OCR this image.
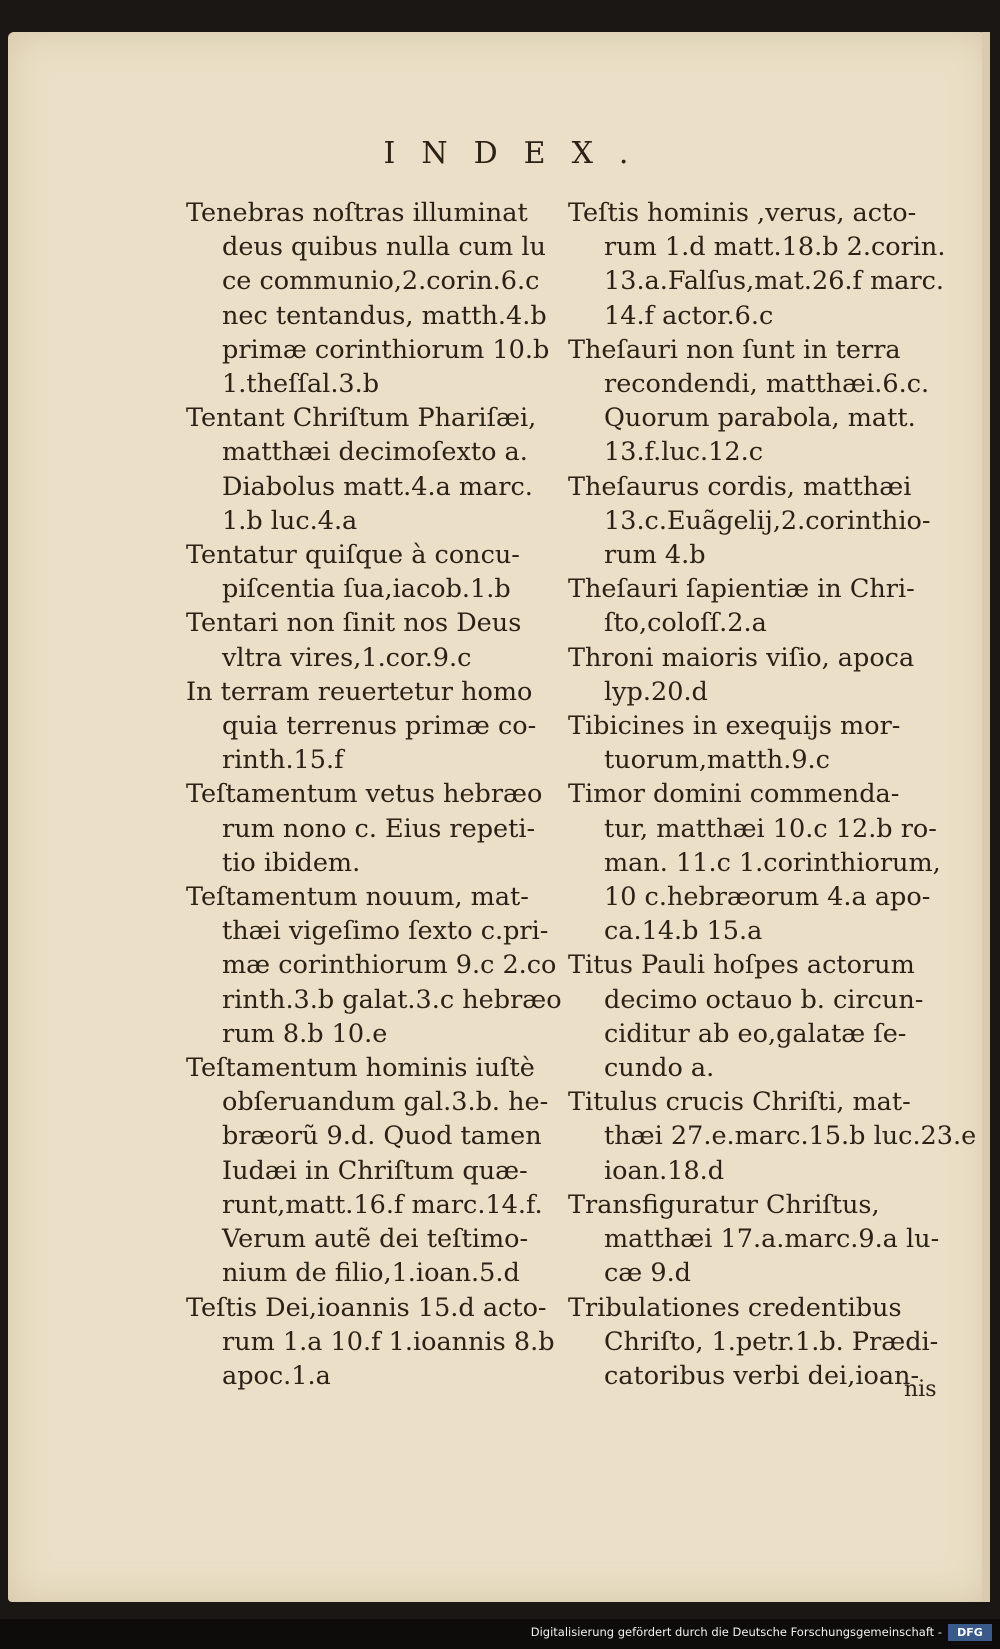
INDEX.
Tenebras noſtras illuminat
deus quibus nulla cum lu
ce communio,2.corin.6.c
nec tentandus, matth.4.b
primæ corinthiorum 10.b
1.theſſal.3.b
Tentant Chriſtum Phariſæi,
matthæi decimoſexto a.
Diabolus matt.4.a marc.
1.b luc.4.a
Tentatur quiſque à concu-
piſcentia ſua,iacob.1.b
Tentari non ſinit nos Deus
vltra vires,1.cor.9.c
In terram reuertetur homo
quia terrenus primæ co-
rinth.15.f
Teſtamentum vetus hebræo
rum nono c. Eius repeti-
tio ibidem.
Teſtamentum nouum, mat-
thæi vigeſimo ſexto c.pri-
mæ corinthiorum 9.c 2.co
rinth.3.b galat.3.c hebræo
rum 8.b 10.e
Teſtamentum hominis iuſtè
obſeruandum gal.3.b. he-
bræorũ 9.d. Quod tamen
Iudæi in Chriſtum quæ-
runt,matt.16.f marc.14.f.
Verum autẽ dei teſtimo-
nium de filio,1.ioan.5.d
Teſtis Dei,ioannis 15.d acto-
rum 1.a 10.f 1.ioannis 8.b
apoc.1.a
Teſtis hominis ,verus, acto-
rum 1.d matt.18.b 2.corin.
13.a.Falſus,mat.26.f marc.
14.f actor.6.c
Theſauri non ſunt in terra
recondendi, matthæi.6.c.
Quorum parabola, matt.
13.f.luc.12.c
Theſaurus cordis, matthæi
13.c.Euãgelij,2.corinthio-
rum 4.b
Theſauri ſapientiæ in Chri-
ſto,coloſſ.2.a
Throni maioris viſio, apoca
lyp.20.d
Tibicines in exequijs mor-
tuorum,matth.9.c
Timor domini commenda-
tur, matthæi 10.c 12.b ro-
man. 11.c 1.corinthiorum,
10 c.hebræorum 4.a apo-
ca.14.b 15.a
Titus Pauli hoſpes actorum
decimo octauo b. circun-
ciditur ab eo,galatæ ſe-
cundo a.
Titulus crucis Chriſti, mat-
thæi 27.e.marc.15.b luc.23.e
ioan.18.d
Transfiguratur Chriſtus,
matthæi 17.a.marc.9.a lu-
cæ 9.d
Tribulationes credentibus
Chriſto, 1.petr.1.b. Prædi-
catoribus verbi dei,ioan-
nis
Digitalisierung gefördert durch die Deutsche Forschungsgemeinschaft -	DFG
